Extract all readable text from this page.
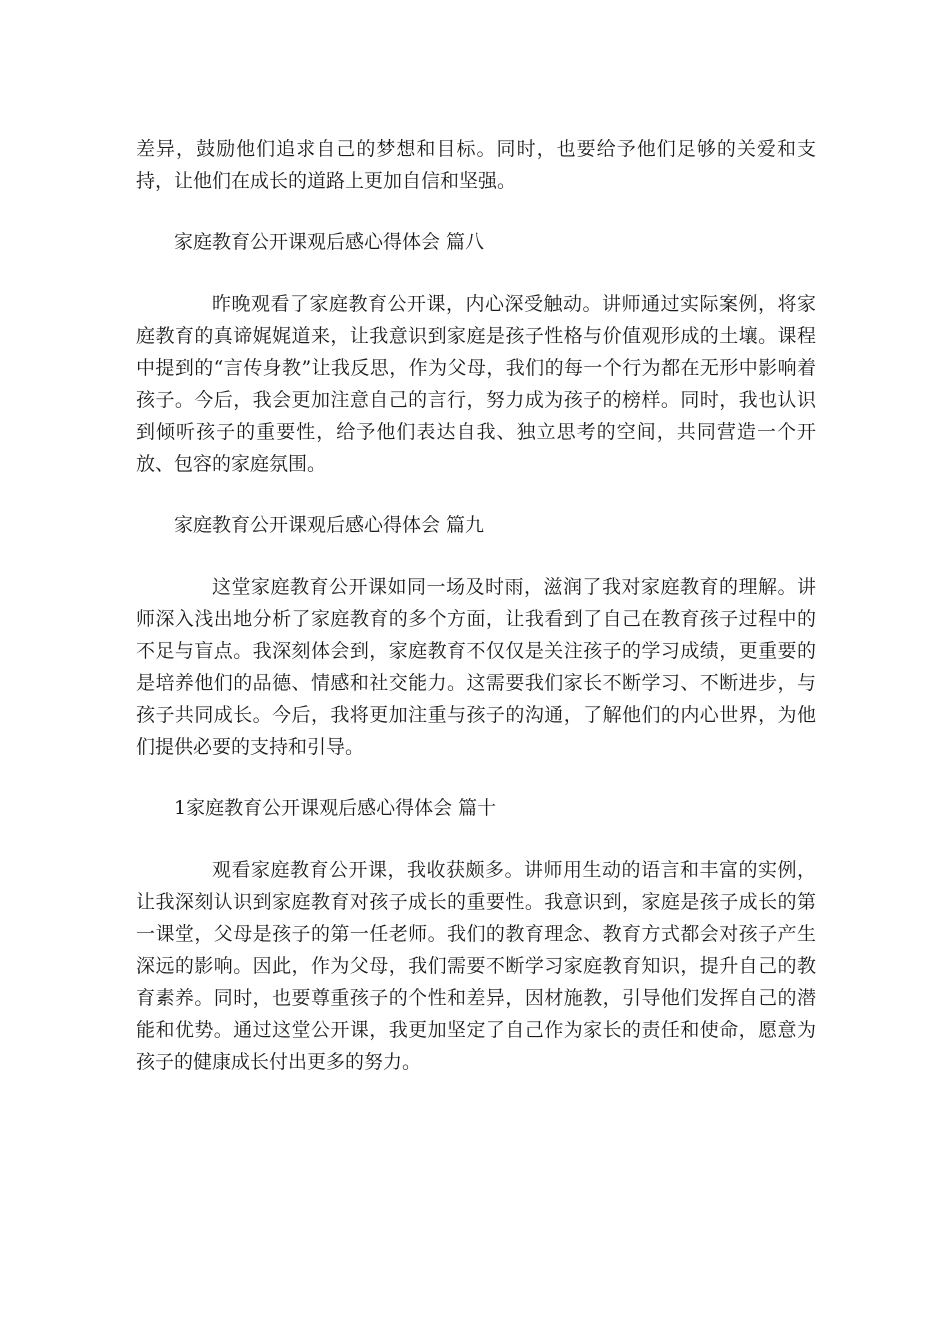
差异，鼓励他们追求自己的梦想和目标。同时，也要给予他们足够的关爱和支持，让他们在成长的道路上更加自信和坚强。

家庭教育公开课观后感心得体会 篇八

昨晚观看了家庭教育公开课，内心深受触动。讲师通过实际案例，将家庭教育的真谛娓娓道来，让我意识到家庭是孩子性格与价值观形成的土壤。课程中提到的“言传身教”让我反思，作为父母，我们的每一个行为都在无形中影响着孩子。今后，我会更加注意自己的言行，努力成为孩子的榜样。同时，我也认识到倾听孩子的重要性，给予他们表达自我、独立思考的空间，共同营造一个开放、包容的家庭氛围。

家庭教育公开课观后感心得体会 篇九

这堂家庭教育公开课如同一场及时雨，滋润了我对家庭教育的理解。讲师深入浅出地分析了家庭教育的多个方面，让我看到了自己在教育孩子过程中的不足与盲点。我深刻体会到，家庭教育不仅仅是关注孩子的学习成绩，更重要的是培养他们的品德、情感和社交能力。这需要我们家长不断学习、不断进步，与孩子共同成长。今后，我将更加注重与孩子的沟通，了解他们的内心世界，为他们提供必要的支持和引导。

1家庭教育公开课观后感心得体会 篇十

观看家庭教育公开课，我收获颇多。讲师用生动的语言和丰富的实例，让我深刻认识到家庭教育对孩子成长的重要性。我意识到，家庭是孩子成长的第一课堂，父母是孩子的第一任老师。我们的教育理念、教育方式都会对孩子产生深远的影响。因此，作为父母，我们需要不断学习家庭教育知识，提升自己的教育素养。同时，也要尊重孩子的个性和差异，因材施教，引导他们发挥自己的潜能和优势。通过这堂公开课，我更加坚定了自己作为家长的责任和使命，愿意为孩子的健康成长付出更多的努力。
